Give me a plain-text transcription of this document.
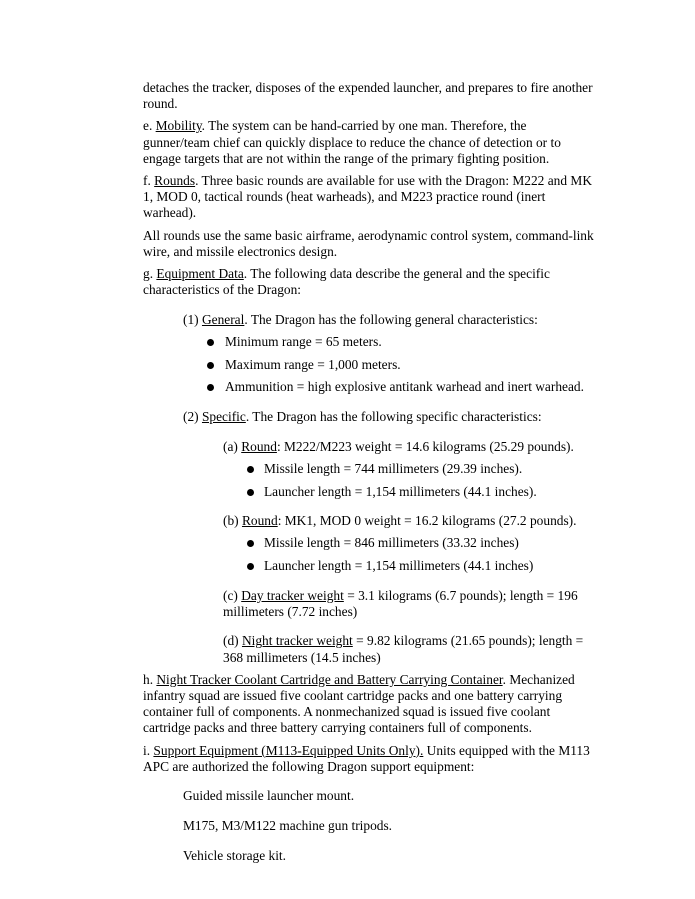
detaches the tracker, disposes of the expended launcher, and prepares to fire another round.

e. Mobility. The system can be hand-carried by one man. Therefore, the gunner/team chief can quickly displace to reduce the chance of detection or to engage targets that are not within the range of the primary fighting position.

f. Rounds. Three basic rounds are available for use with the Dragon: M222 and MK 1, MOD 0, tactical rounds (heat warheads), and M223 practice round (inert warhead).

All rounds use the same basic airframe, aerodynamic control system, command-link wire, and missile electronics design.

g. Equipment Data. The following data describe the general and the specific characteristics of the Dragon:

(1) General. The Dragon has the following general characteristics:

Minimum range = 65 meters.
Maximum range = 1,000 meters.
Ammunition = high explosive antitank warhead and inert warhead.

(2) Specific. The Dragon has the following specific characteristics:

(a) Round: M222/M223 weight = 14.6 kilograms (25.29 pounds).

Missile length = 744 millimeters (29.39 inches).
Launcher length = 1,154 millimeters (44.1 inches).

(b) Round: MK1, MOD 0 weight = 16.2 kilograms (27.2 pounds).

Missile length = 846 millimeters (33.32 inches)
Launcher length = 1,154 millimeters (44.1 inches)

(c) Day tracker weight = 3.1 kilograms (6.7 pounds); length = 196 millimeters (7.72 inches)

(d) Night tracker weight = 9.82 kilograms (21.65 pounds); length = 368 millimeters (14.5 inches)

h. Night Tracker Coolant Cartridge and Battery Carrying Container. Mechanized infantry squad are issued five coolant cartridge packs and one battery carrying container full of components. A nonmechanized squad is issued five coolant cartridge packs and three battery carrying containers full of components.

i. Support Equipment (M113-Equipped Units Only). Units equipped with the M113 APC are authorized the following Dragon support equipment:

Guided missile launcher mount.

M175, M3/M122 machine gun tripods.

Vehicle storage kit.
